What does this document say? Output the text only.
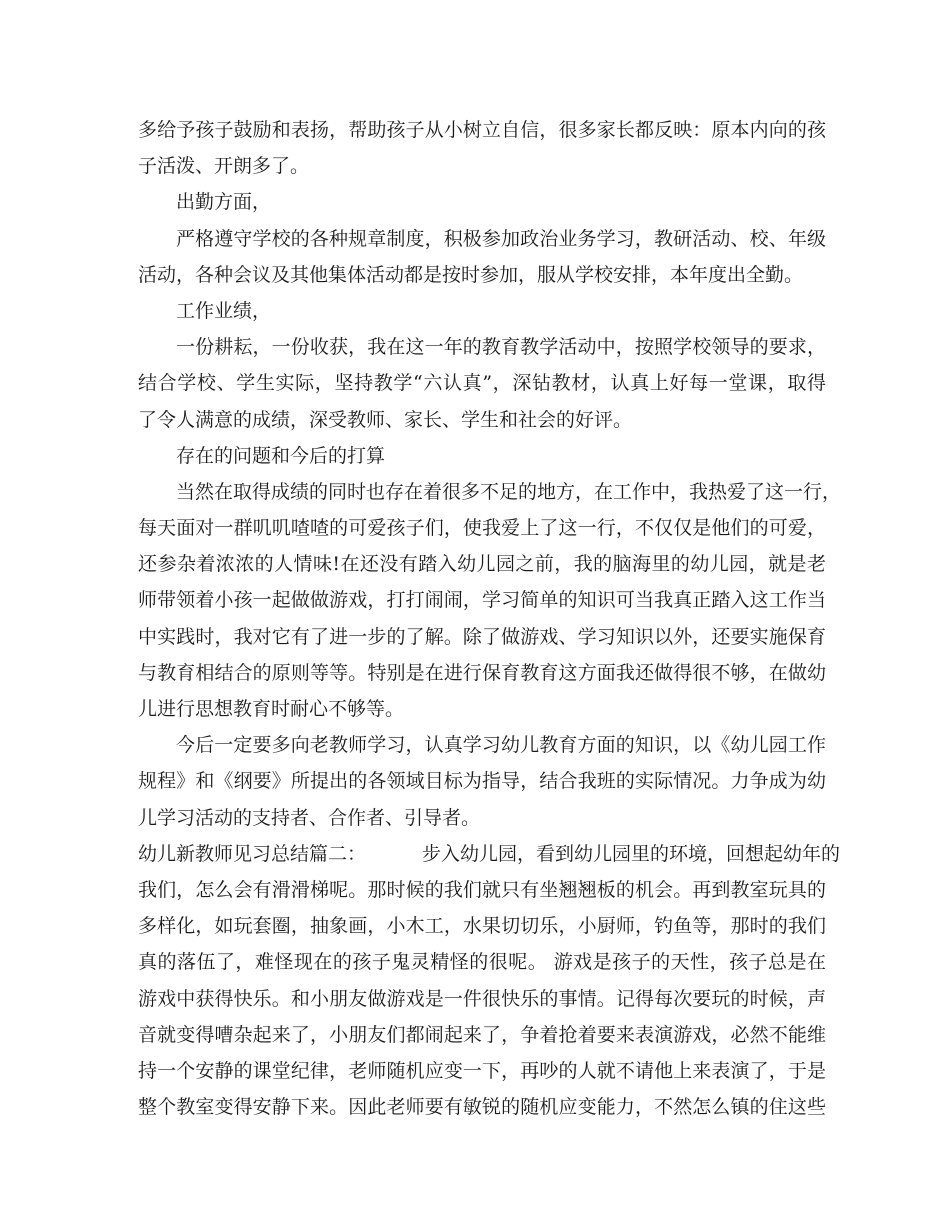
多给予孩子鼓励和表扬，帮助孩子从小树立自信，很多家长都反映：原本内向的孩
子活泼、开朗多了。
出勤方面，
严格遵守学校的各种规章制度，积极参加政治业务学习，教研活动、校、年级
活动，各种会议及其他集体活动都是按时参加，服从学校安排，本年度出全勤。
工作业绩，
一份耕耘，一份收获，我在这一年的教育教学活动中，按照学校领导的要求，
结合学校、学生实际，坚持教学“六认真”，深钻教材，认真上好每一堂课，取得
了令人满意的成绩，深受教师、家长、学生和社会的好评。
存在的问题和今后的打算
当然在取得成绩的同时也存在着很多不足的地方，在工作中，我热爱了这一行，
每天面对一群叽叽喳喳的可爱孩子们，使我爱上了这一行，不仅仅是他们的可爱，
还参杂着浓浓的人情味!在还没有踏入幼儿园之前，我的脑海里的幼儿园，就是老
师带领着小孩一起做做游戏，打打闹闹，学习简单的知识可当我真正踏入这工作当
中实践时，我对它有了进一步的了解。除了做游戏、学习知识以外，还要实施保育
与教育相结合的原则等等。特别是在进行保育教育这方面我还做得很不够，在做幼
儿进行思想教育时耐心不够等。
今后一定要多向老教师学习，认真学习幼儿教育方面的知识，以《幼儿园工作
规程》和《纲要》所提出的各领域目标为指导，结合我班的实际情况。力争成为幼
儿学习活动的支持者、合作者、引导者。
幼儿新教师见习总结篇二：	步入幼儿园，看到幼儿园里的环境，回想起幼年的
我们，怎么会有滑滑梯呢。那时候的我们就只有坐翘翘板的机会。再到教室玩具的
多样化，如玩套圈，抽象画，小木工，水果切切乐，小厨师，钓鱼等，那时的我们
真的落伍了，难怪现在的孩子鬼灵精怪的很呢。 游戏是孩子的天性，孩子总是在
游戏中获得快乐。和小朋友做游戏是一件很快乐的事情。记得每次要玩的时候，声
音就变得嘈杂起来了，小朋友们都闹起来了，争着抢着要来表演游戏，必然不能维
持一个安静的课堂纪律，老师随机应变一下，再吵的人就不请他上来表演了，于是
整个教室变得安静下来。因此老师要有敏锐的随机应变能力，不然怎么镇的住这些
